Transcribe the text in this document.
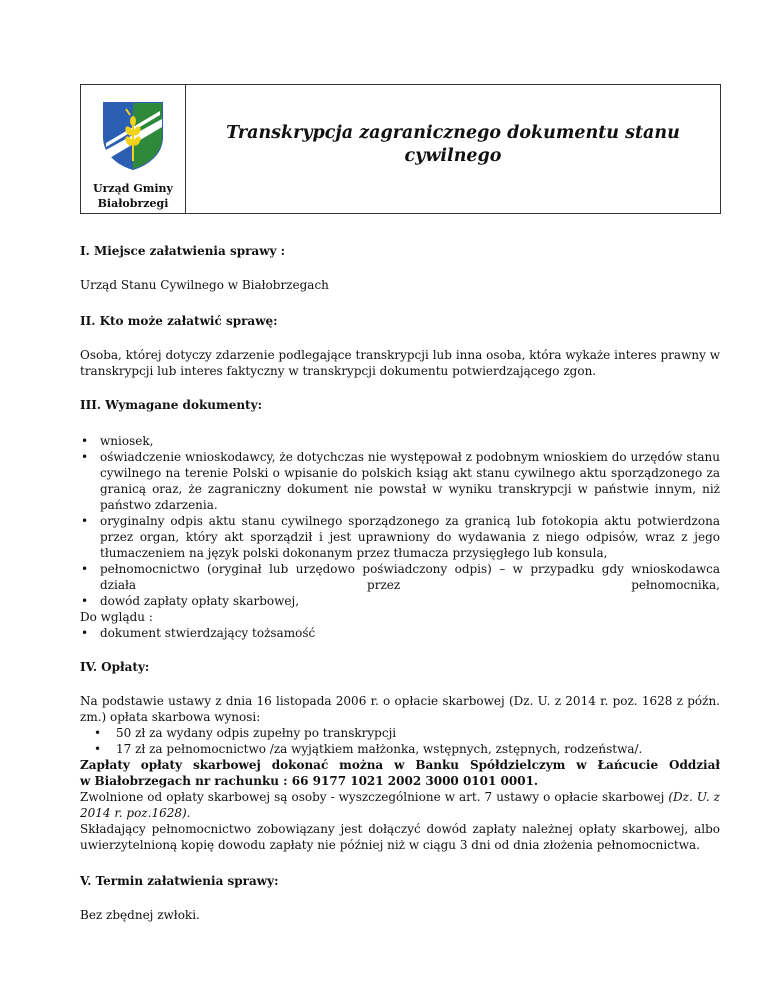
Urząd Gminy
Białobrzegi
Transkrypcja zagranicznego dokumentu stanu cywilnego

I. Miejsce załatwienia sprawy :

Urząd Stanu Cywilnego w Białobrzegach

II. Kto może załatwić sprawę:

Osoba, której dotyczy zdarzenie podlegające transkrypcji lub inna osoba, która wykaże interes prawny w transkrypcji lub interes faktyczny w transkrypcji dokumentu potwierdzającego zgon.

III. Wymagane dokumenty:

• wniosek,
• oświadczenie wnioskodawcy, że dotychczas nie występował z podobnym wnioskiem do urzędów stanu cywilnego na terenie Polski o wpisanie do polskich ksiąg akt stanu cywilnego aktu sporządzonego za granicą oraz, że zagraniczny dokument nie powstał w wyniku transkrypcji w państwie innym, niż państwo zdarzenia.
• oryginalny odpis aktu stanu cywilnego sporządzonego za granicą lub fotokopia aktu potwierdzona przez organ, który akt sporządził i jest uprawniony do wydawania z niego odpisów, wraz z jego tłumaczeniem na język polski dokonanym przez tłumacza przysięgłego lub konsula,
• pełnomocnictwo (oryginał lub urzędowo poświadczony odpis) – w przypadku gdy wnioskodawca działa przez pełnomocnika,
• dowód zapłaty opłaty skarbowej,

Do wglądu :

• dokument stwierdzający tożsamość

IV. Opłaty:

Na podstawie ustawy z dnia 16 listopada 2006 r. o opłacie skarbowej (Dz. U. z 2014 r. poz. 1628 z późn. zm.) opłata skarbowa wynosi:

• 50 zł za wydany odpis zupełny po transkrypcji
• 17 zł za pełnomocnictwo /za wyjątkiem małżonka, wstępnych, zstępnych, rodzeństwa/.

Zapłaty opłaty skarbowej dokonać można w Banku Spółdzielczym w Łańcucie Oddział

w Białobrzegach nr rachunku : 66 9177 1021 2002 3000 0101 0001.

Zwolnione od opłaty skarbowej są osoby - wyszczególnione w art. 7 ustawy o opłacie skarbowej (Dz. U. z 2014 r. poz.1628).

Składający pełnomocnictwo zobowiązany jest dołączyć dowód zapłaty należnej opłaty skarbowej, albo uwierzytelnioną kopię dowodu zapłaty nie później niż w ciągu 3 dni od dnia złożenia pełnomocnictwa.

V. Termin załatwienia sprawy:

Bez zbędnej zwłoki.
